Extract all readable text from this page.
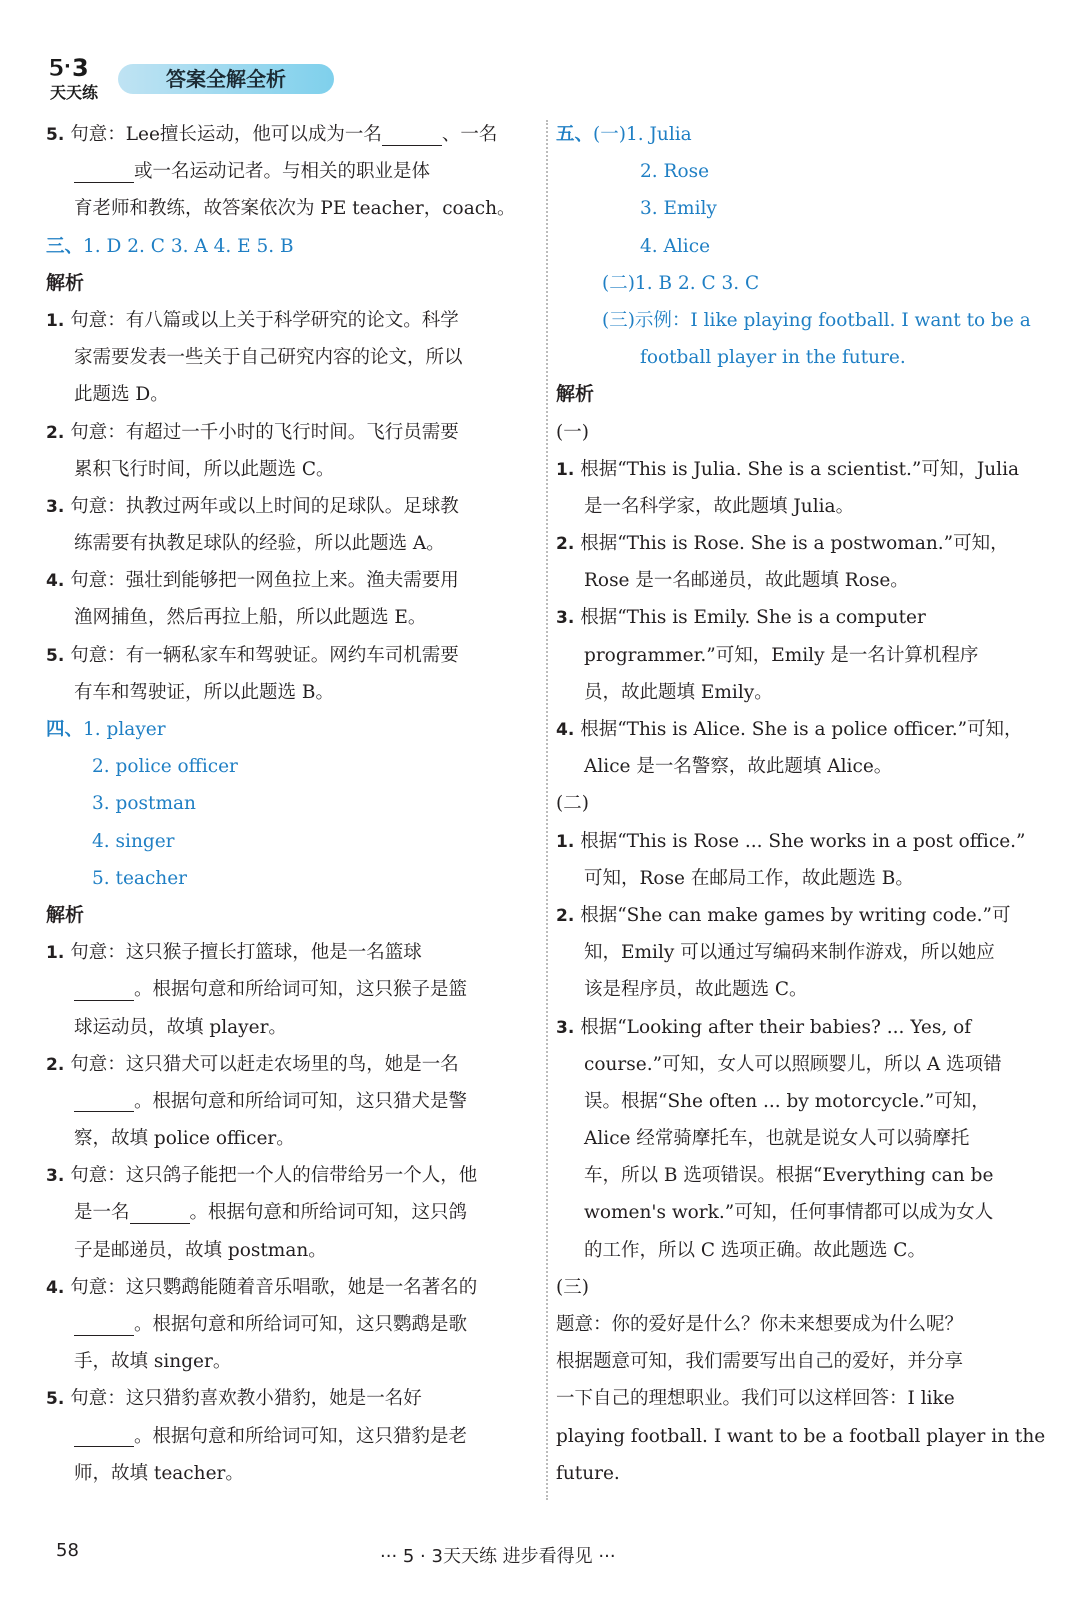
5 · 3
天天练
答案全解全析
5. 句意：Lee擅长运动，他可以成为一名	、一名
或一名运动记者。与相关的职业是体
育老师和教练，故答案依次为 PE teacher，coach。
三、1. D 2. C 3. A 4. E 5. B
解析
1. 句意：有八篇或以上关于科学研究的论文。科学
家需要发表一些关于自己研究内容的论文，所以
此题选 D。
2. 句意：有超过一千小时的飞行时间。飞行员需要
累积飞行时间，所以此题选 C。
3. 句意：执教过两年或以上时间的足球队。足球教
练需要有执教足球队的经验，所以此题选 A。
4. 句意：强壮到能够把一网鱼拉上来。渔夫需要用
渔网捕鱼，然后再拉上船，所以此题选 E。
5. 句意：有一辆私家车和驾驶证。网约车司机需要
有车和驾驶证，所以此题选 B。
四、1. player
2. police officer
3. postman
4. singer
5. teacher
解析
1. 句意：这只猴子擅长打篮球，他是一名篮球
。根据句意和所给词可知，这只猴子是篮
球运动员，故填 player。
2. 句意：这只猎犬可以赶走农场里的鸟，她是一名
。根据句意和所给词可知，这只猎犬是警
察，故填 police officer。
3. 句意：这只鸽子能把一个人的信带给另一个人，他
是一名	。根据句意和所给词可知，这只鸽
子是邮递员，故填 postman。
4. 句意：这只鹦鹉能随着音乐唱歌，她是一名著名的
。根据句意和所给词可知，这只鹦鹉是歌
手，故填 singer。
5. 句意：这只猎豹喜欢教小猎豹，她是一名好
。根据句意和所给词可知，这只猎豹是老
师，故填 teacher。
五、(一)1. Julia
2. Rose
3. Emily
4. Alice
(二)1. B 2. C 3. C
(三)示例：I like playing football. I want to be a
football player in the future.
解析
(一)
1. 根据“This is Julia. She is a scientist.”可知，Julia
是一名科学家，故此题填 Julia。
2. 根据“This is Rose. She is a postwoman.”可知，
Rose 是一名邮递员，故此题填 Rose。
3. 根据“This is Emily. She is a computer
programmer.”可知，Emily 是一名计算机程序
员，故此题填 Emily。
4. 根据“This is Alice. She is a police officer.”可知，
Alice 是一名警察，故此题填 Alice。
(二)
1. 根据“This is Rose ... She works in a post office.”
可知，Rose 在邮局工作，故此题选 B。
2. 根据“She can make games by writing code.”可
知，Emily 可以通过写编码来制作游戏，所以她应
该是程序员，故此题选 C。
3. 根据“Looking after their babies? ... Yes, of
course.”可知，女人可以照顾婴儿，所以 A 选项错
误。根据“She often ... by motorcycle.”可知，
Alice 经常骑摩托车，也就是说女人可以骑摩托
车，所以 B 选项错误。根据“Everything can be
women's work.”可知，任何事情都可以成为女人
的工作，所以 C 选项正确。故此题选 C。
(三)
题意：你的爱好是什么？你未来想要成为什么呢？
根据题意可知，我们需要写出自己的爱好，并分享
一下自己的理想职业。我们可以这样回答：I like
playing football. I want to be a football player in the
future.
58	··· 5 · 3天天练 进步看得见 ···
